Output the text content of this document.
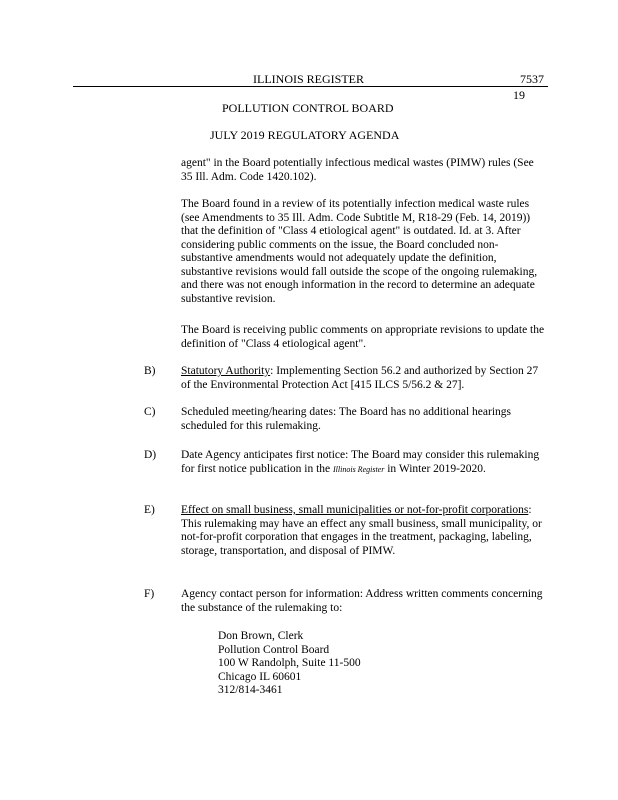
ILLINOIS REGISTER	7537
19
POLLUTION CONTROL BOARD
JULY 2019 REGULATORY AGENDA

agent" in the Board potentially infectious medical wastes (PIMW) rules (See 35 Ill. Adm. Code 1420.102).

The Board found in a review of its potentially infection medical waste rules (see Amendments to 35 Ill. Adm. Code Subtitle M, R18-29 (Feb. 14, 2019)) that the definition of "Class 4 etiological agent" is outdated. Id. at 3. After considering public comments on the issue, the Board concluded non-substantive amendments would not adequately update the definition, substantive revisions would fall outside the scope of the ongoing rulemaking, and there was not enough information in the record to determine an adequate substantive revision.

The Board is receiving public comments on appropriate revisions to update the definition of "Class 4 etiological agent".

B) Statutory Authority: Implementing Section 56.2 and authorized by Section 27 of the Environmental Protection Act [415 ILCS 5/56.2 & 27].
C) Scheduled meeting/hearing dates: The Board has no additional hearings scheduled for this rulemaking.
D) Date Agency anticipates first notice: The Board may consider this rulemaking for first notice publication in the Illinois Register in Winter 2019-2020.
E) Effect on small business, small municipalities or not-for-profit corporations: This rulemaking may have an effect any small business, small municipality, or not-for-profit corporation that engages in the treatment, packaging, labeling, storage, transportation, and disposal of PIMW.
F) Agency contact person for information: Address written comments concerning the substance of the rulemaking to:
Don Brown, Clerk
Pollution Control Board
100 W Randolph, Suite 11-500
Chicago IL 60601
312/814-3461
